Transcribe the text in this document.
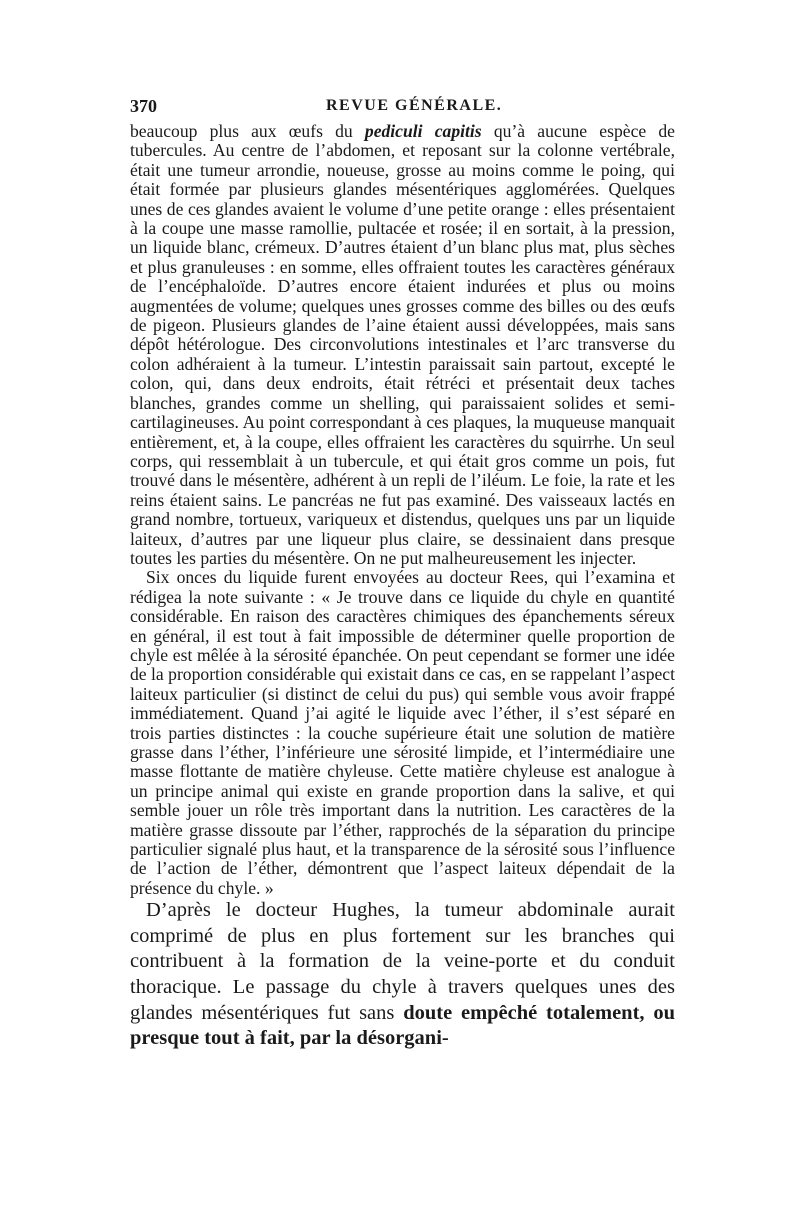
370	REVUE GÉNÉRALE.

beaucoup plus aux œufs du pediculi capitis qu’à aucune espèce de tubercules. Au centre de l’abdomen, et reposant sur la colonne vertébrale, était une tumeur arrondie, noueuse, grosse au moins comme le poing, qui était formée par plusieurs glandes mésentériques agglomérées. Quelques unes de ces glandes avaient le volume d’une petite orange : elles présentaient à la coupe une masse ramollie, pultacée et rosée; il en sortait, à la pression, un liquide blanc, crémeux. D’autres étaient d’un blanc plus mat, plus sèches et plus granuleuses : en somme, elles offraient toutes les caractères généraux de l’encéphaloïde. D’autres encore étaient indurées et plus ou moins augmentées de volume; quelques unes grosses comme des billes ou des œufs de pigeon. Plusieurs glandes de l’aine étaient aussi développées, mais sans dépôt hétérologue. Des circonvolutions intestinales et l’arc transverse du colon adhéraient à la tumeur. L’intestin paraissait sain partout, excepté le colon, qui, dans deux endroits, était rétréci et présentait deux taches blanches, grandes comme un shelling, qui paraissaient solides et semi-cartilagineuses. Au point correspondant à ces plaques, la muqueuse manquait entièrement, et, à la coupe, elles offraient les caractères du squirrhe. Un seul corps, qui ressemblait à un tubercule, et qui était gros comme un pois, fut trouvé dans le mésentère, adhérent à un repli de l’iléum. Le foie, la rate et les reins étaient sains. Le pancréas ne fut pas examiné. Des vaisseaux lactés en grand nombre, tortueux, variqueux et distendus, quelques uns par un liquide laiteux, d’autres par une liqueur plus claire, se dessinaient dans presque toutes les parties du mésentère. On ne put malheureusement les injecter.

Six onces du liquide furent envoyées au docteur Rees, qui l’examina et rédigea la note suivante : « Je trouve dans ce liquide du chyle en quantité considérable. En raison des caractères chimiques des épanchements séreux en général, il est tout à fait impossible de déterminer quelle proportion de chyle est mêlée à la sérosité épanchée. On peut cependant se former une idée de la proportion considérable qui existait dans ce cas, en se rappelant l’aspect laiteux particulier (si distinct de celui du pus) qui semble vous avoir frappé immédiatement. Quand j’ai agité le liquide avec l’éther, il s’est séparé en trois parties distinctes : la couche supérieure était une solution de matière grasse dans l’éther, l’inférieure une sérosité limpide, et l’intermédiaire une masse flottante de matière chyleuse. Cette matière chyleuse est analogue à un principe animal qui existe en grande proportion dans la salive, et qui semble jouer un rôle très important dans la nutrition. Les caractères de la matière grasse dissoute par l’éther, rapprochés de la séparation du principe particulier signalé plus haut, et la transparence de la sérosité sous l’influence de l’action de l’éther, démontrent que l’aspect laiteux dépendait de la présence du chyle. »

D’après le docteur Hughes, la tumeur abdominale aurait comprimé de plus en plus fortement sur les branches qui contribuent à la formation de la veine-porte et du conduit thoracique. Le passage du chyle à travers quelques unes des glandes mésentériques fut sans doute empêché totalement, ou presque tout à fait, par la désorgani-
